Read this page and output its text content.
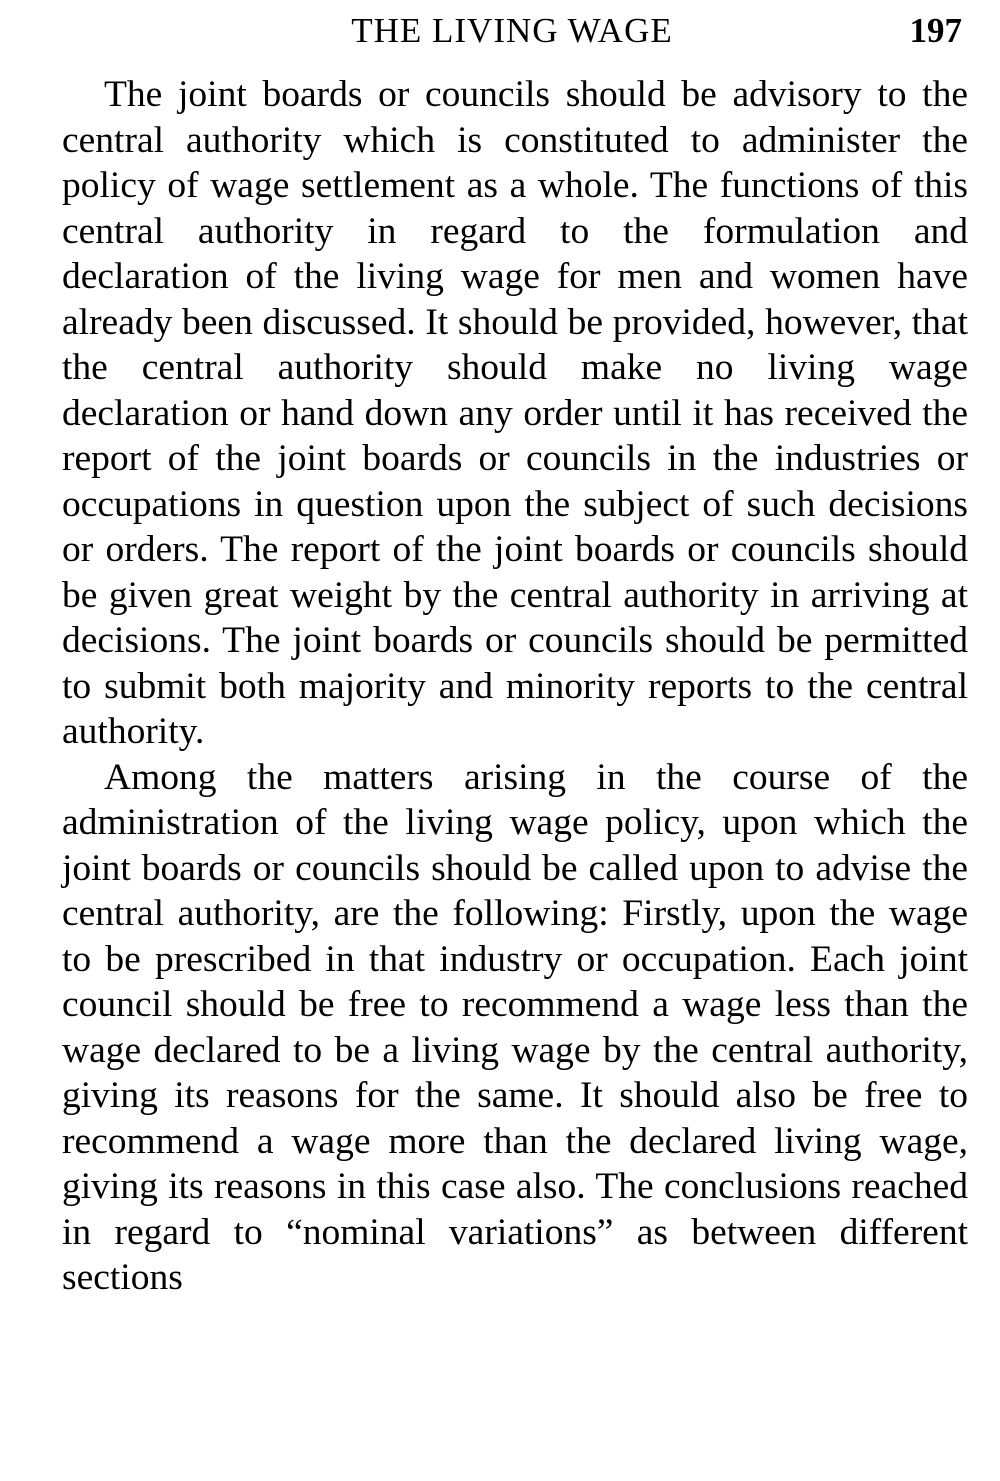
THE LIVING WAGE	197

The joint boards or councils should be advisory to the central authority which is constituted to administer the policy of wage settlement as a whole. The functions of this central authority in regard to the formulation and declaration of the living wage for men and women have already been discussed. It should be provided, however, that the central authority should make no living wage declaration or hand down any order until it has received the report of the joint boards or councils in the industries or occupations in question upon the subject of such decisions or orders. The report of the joint boards or councils should be given great weight by the central authority in arriving at decisions. The joint boards or councils should be permitted to submit both majority and minority reports to the central authority.

Among the matters arising in the course of the administration of the living wage policy, upon which the joint boards or councils should be called upon to advise the central authority, are the following: Firstly, upon the wage to be prescribed in that industry or occupation. Each joint council should be free to recommend a wage less than the wage declared to be a living wage by the central authority, giving its reasons for the same. It should also be free to recommend a wage more than the declared living wage, giving its reasons in this case also. The conclusions reached in regard to “nominal variations” as between different sections
